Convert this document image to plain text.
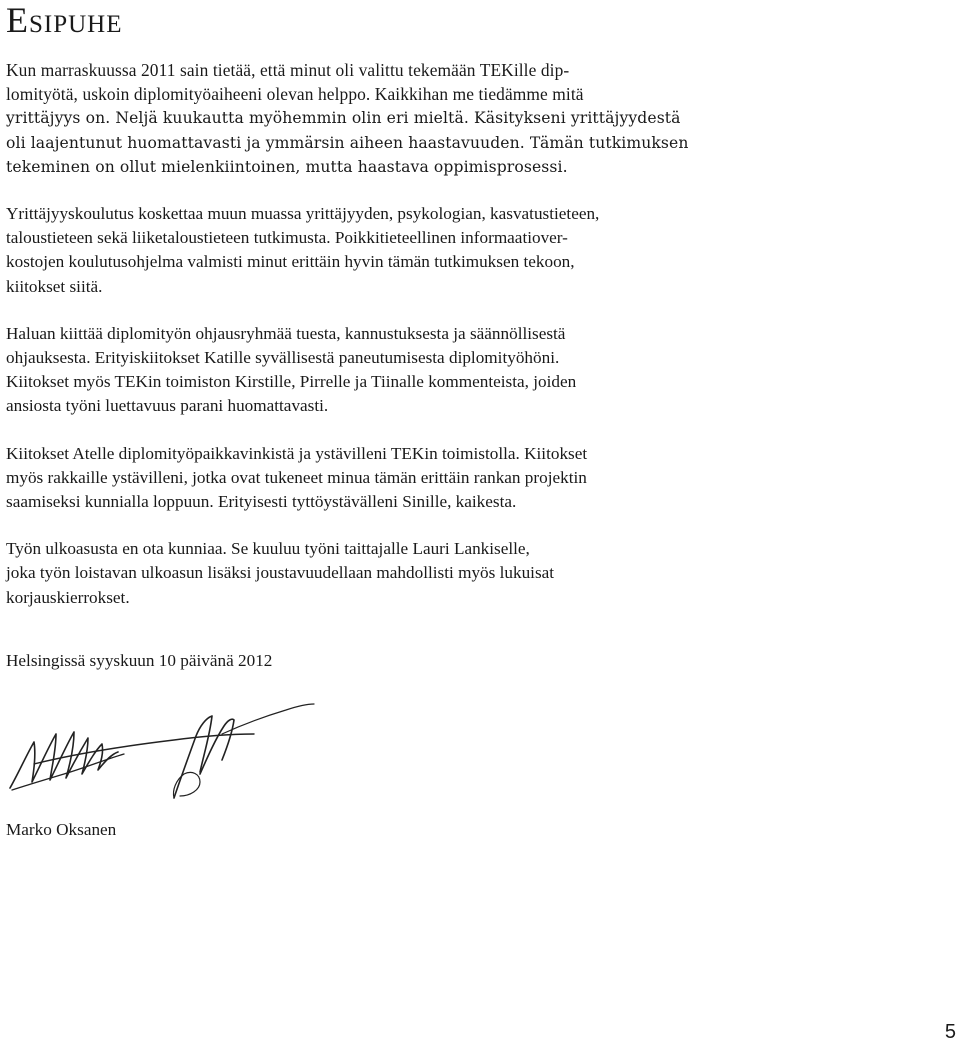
Esipuhe

Kun marraskuussa 2011 sain tietää, että minut oli valittu tekemään TEKille dip-
lomityötä, uskoin diplomityöaiheeni olevan helppo. Kaikkihan me tiedämme mitä
yrittäjyys on. Neljä kuukautta myöhemmin olin eri mieltä. Käsitykseni yrittäjyydestä
oli laajentunut huomattavasti ja ymmärsin aiheen haastavuuden. Tämän tutkimuksen
tekeminen on ollut mielenkiintoinen, mutta haastava oppimisprosessi.

Yrittäjyyskoulutus koskettaa muun muassa yrittäjyyden, psykologian, kasvatustieteen,
taloustieteen sekä liiketaloustieteen tutkimusta. Poikkitieteellinen informaatiover-
kostojen koulutusohjelma valmisti minut erittäin hyvin tämän tutkimuksen tekoon,
kiitokset siitä.

Haluan kiittää diplomityön ohjausryhmää tuesta, kannustuksesta ja säännöllisestä
ohjauksesta. Erityiskiitokset Katille syvällisestä paneutumisesta diplomityöhöni.
Kiitokset myös TEKin toimiston Kirstille, Pirrelle ja Tiinalle kommenteista, joiden
ansiosta työni luettavuus parani huomattavasti.

Kiitokset Atelle diplomityöpaikkavinkistä ja ystävilleni TEKin toimistolla. Kiitokset
myös rakkaille ystävilleni, jotka ovat tukeneet minua tämän erittäin rankan projektin
saamiseksi kunnialla loppuun. Erityisesti tyttöystävälleni Sinille, kaikesta.

Työn ulkoasusta en ota kunniaa. Se kuuluu työni taittajalle Lauri Lankiselle,
joka työn loistavan ulkoasun lisäksi joustavuudellaan mahdollisti myös lukuisat
korjauskierrokset.

Helsingissä syyskuun 10 päivänä 2012
Marko Oksanen
5
